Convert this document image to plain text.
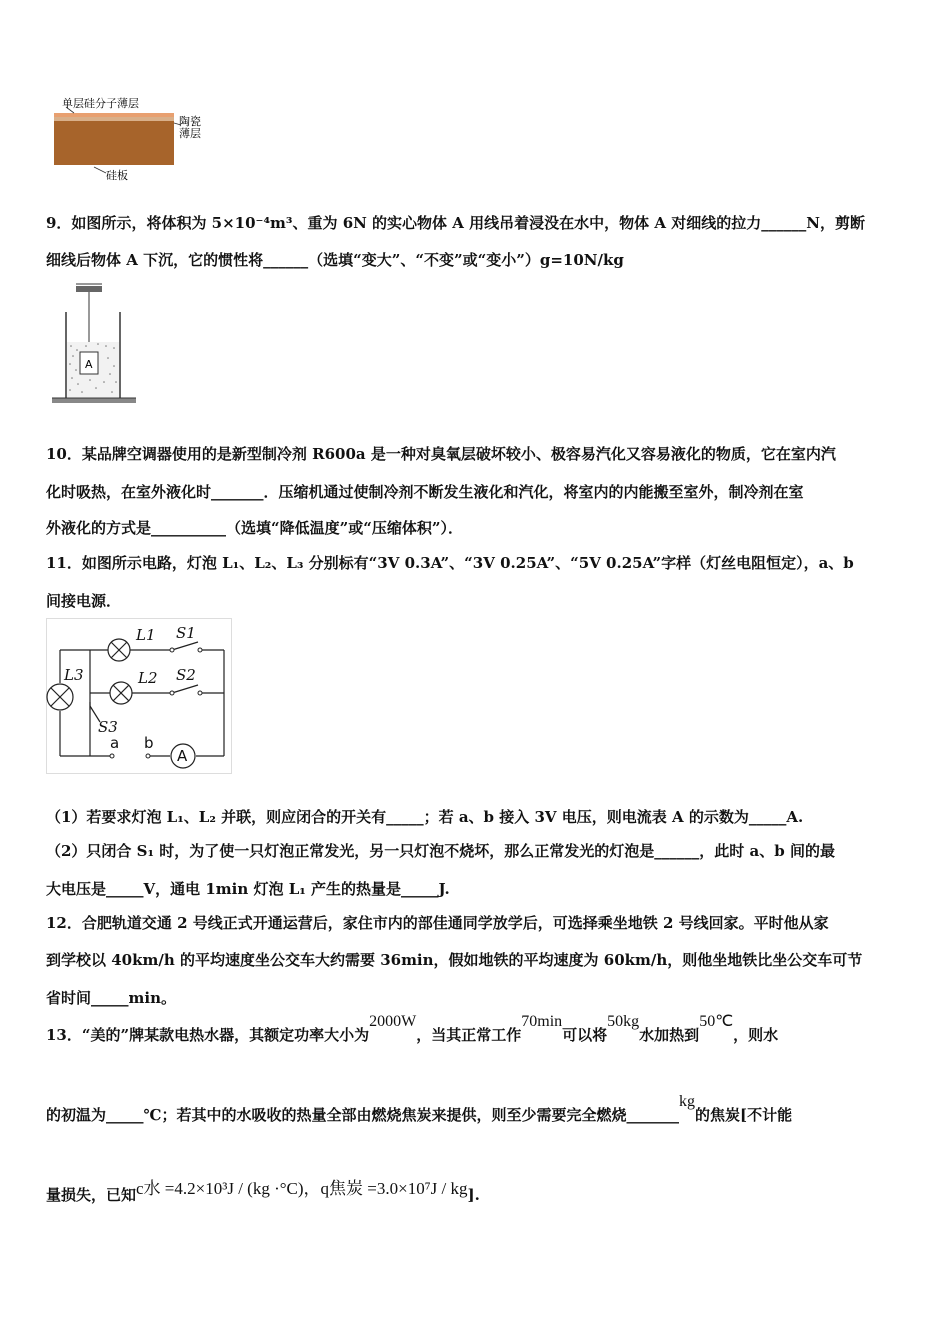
单层硅分子薄层
陶瓷
薄层
硅板
9．如图所示，将体积为 5×10⁻⁴m³、重为 6N 的实心物体 A 用线吊着浸没在水中，物体 A 对细线的拉力______N，剪断
细线后物体 A 下沉，它的惯性将______（选填“变大”、“不变”或“变小”）g=10N/kg
A
10．某品牌空调器使用的是新型制冷剂 R600a 是一种对臭氧层破坏较小、极容易汽化又容易液化的物质，它在室内汽
化时吸热，在室外液化时_______．压缩机通过使制冷剂不断发生液化和汽化，将室内的内能搬至室外，制冷剂在室
外液化的方式是__________（选填“降低温度”或“压缩体积”）．
11．如图所示电路，灯泡 L₁、L₂、L₃ 分别标有“3V 0.3A”、“3V 0.25A”、“5V 0.25A”字样（灯丝电阻恒定），a、b
间接电源．
L1
L2
L3
S1
S2
S3
a b
A
（1）若要求灯泡 L₁、L₂ 并联，则应闭合的开关有_____；若 a、b 接入 3V 电压，则电流表 A 的示数为_____A.
（2）只闭合 S₁ 时，为了使一只灯泡正常发光，另一只灯泡不烧坏，那么正常发光的灯泡是______，此时 a、b 间的最
大电压是_____V，通电 1min 灯泡 L₁ 产生的热量是_____J.
12．合肥轨道交通 2 号线正式开通运营后，家住市内的部佳通同学放学后，可选择乘坐地铁 2 号线回家。平时他从家
到学校以 40km/h 的平均速度坐公交车大约需要 36min，假如地铁的平均速度为 60km/h，则他坐地铁比坐公交车可节
省时间_____min。
13．“美的”牌某款电热水器，其额定功率大小为2000W，当其正常工作70min可以将50kg水加热到50℃，则水
的初温为_____℃；若其中的水吸收的热量全部由燃烧焦炭来提供，则至少需要完全燃烧_______kg的焦炭[不计能
量损失，已知c水 =4.2×10³J / (kg ·°C)，q焦炭 =3.0×10⁷J / kg].
